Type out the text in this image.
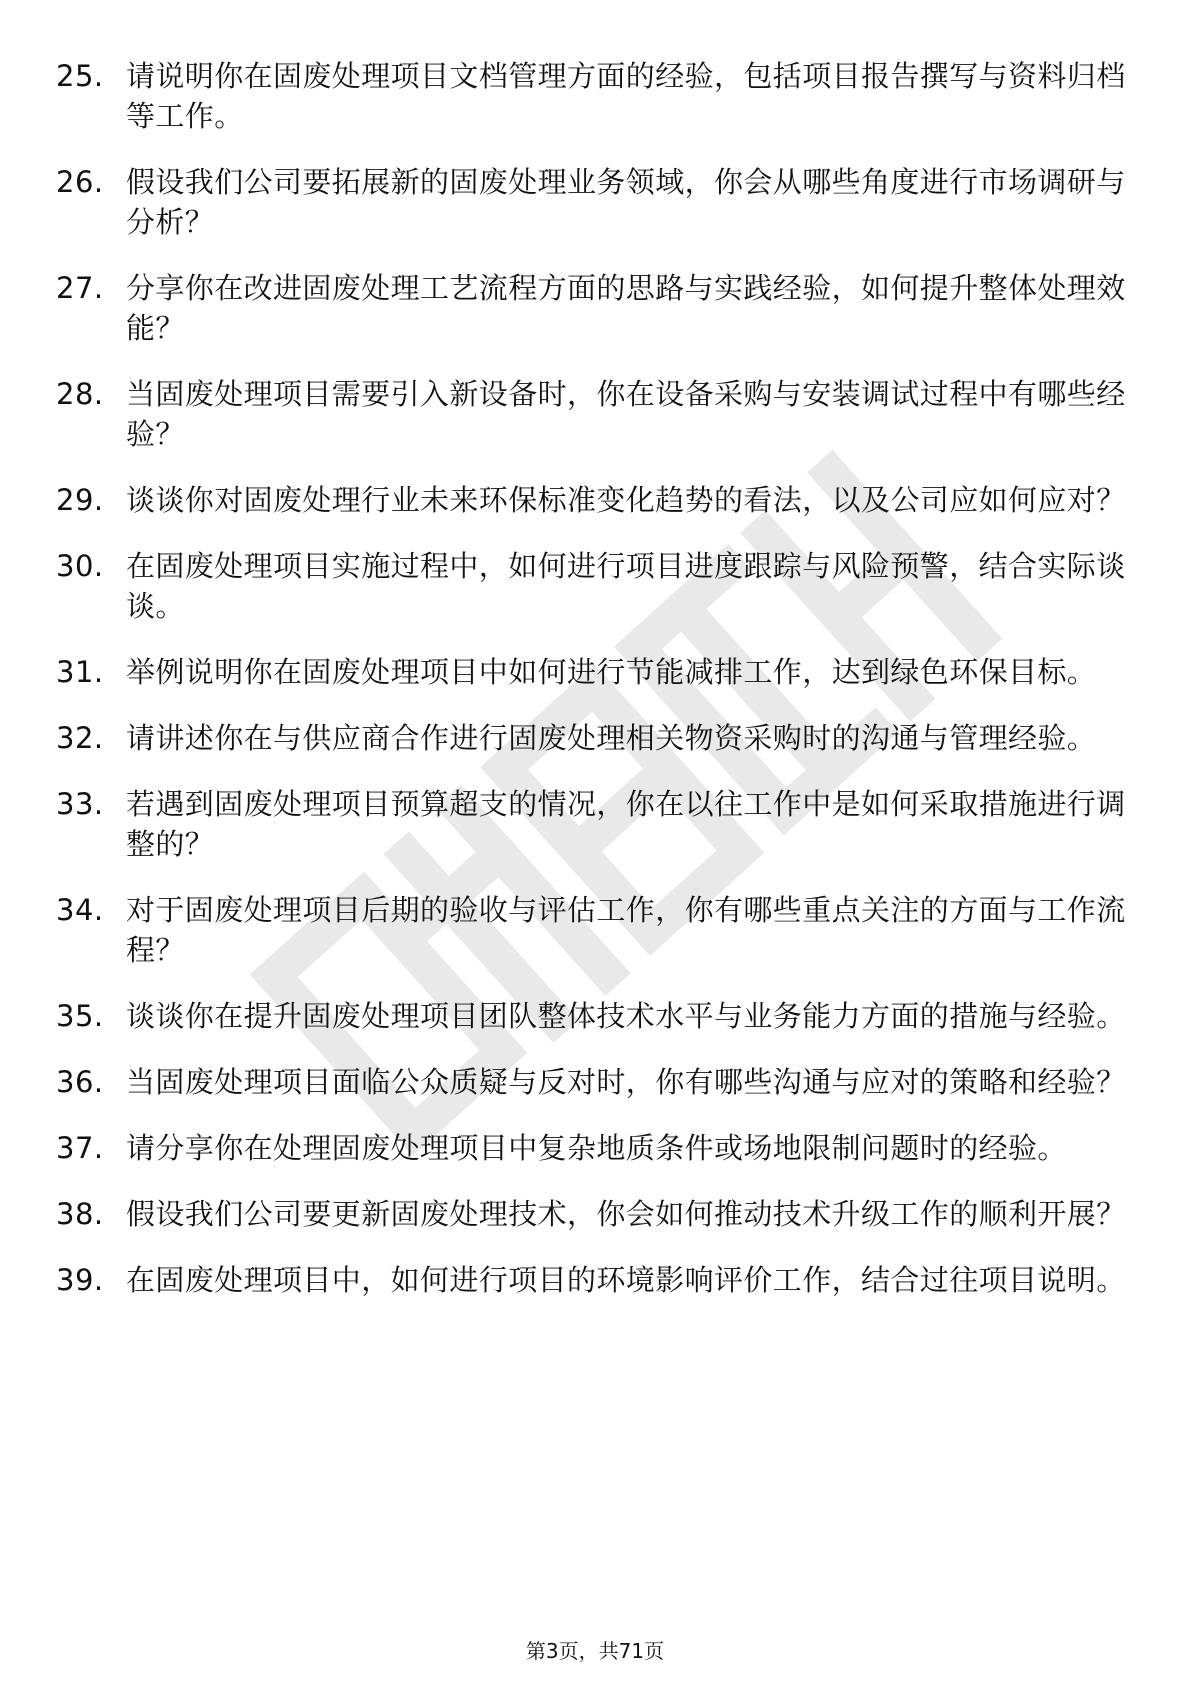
25. 请说明你在固废处理项目文档管理方面的经验，包括项目报告撰写与资料归档等工作。
26. 假设我们公司要拓展新的固废处理业务领域，你会从哪些角度进行市场调研与分析？
27. 分享你在改进固废处理工艺流程方面的思路与实践经验，如何提升整体处理效能？
28. 当固废处理项目需要引入新设备时，你在设备采购与安装调试过程中有哪些经验？
29. 谈谈你对固废处理行业未来环保标准变化趋势的看法，以及公司应如何应对？
30. 在固废处理项目实施过程中，如何进行项目进度跟踪与风险预警，结合实际谈谈。
31. 举例说明你在固废处理项目中如何进行节能减排工作，达到绿色环保目标。
32. 请讲述你在与供应商合作进行固废处理相关物资采购时的沟通与管理经验。
33. 若遇到固废处理项目预算超支的情况，你在以往工作中是如何采取措施进行调整的？
34. 对于固废处理项目后期的验收与评估工作，你有哪些重点关注的方面与工作流程？
35. 谈谈你在提升固废处理项目团队整体技术水平与业务能力方面的措施与经验。
36. 当固废处理项目面临公众质疑与反对时，你有哪些沟通与应对的策略和经验？
37. 请分享你在处理固废处理项目中复杂地质条件或场地限制问题时的经验。
38. 假设我们公司要更新固废处理技术，你会如何推动技术升级工作的顺利开展？
39. 在固废处理项目中，如何进行项目的环境影响评价工作，结合过往项目说明。
第3页，共71页
